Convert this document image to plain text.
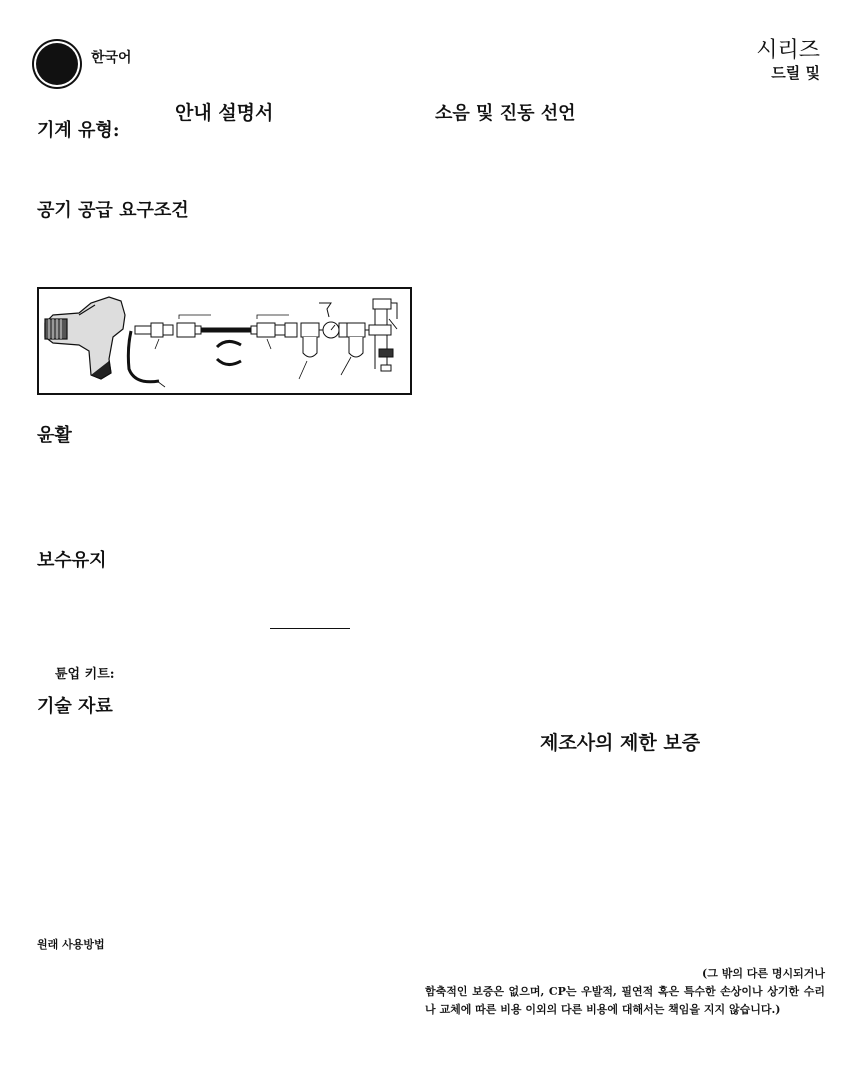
한국어	시리즈
드릴 및
안내 설명서
기계 유형:
공기 공급 요구조건
윤활
보수유지
튠업 키트:
기술 자료
원래 사용방법
소음 및 진동 선언
제조사의 제한 보증
(그 밖의 다른 명시되거나
함축적인 보증은 없으며, CP는 우발적, 필연적 혹은 특수한 손상이나 상기한 수리나 교체에 따른 비용 이외의 다른 비용에 대해서는 책임을 지지 않습니다.)
